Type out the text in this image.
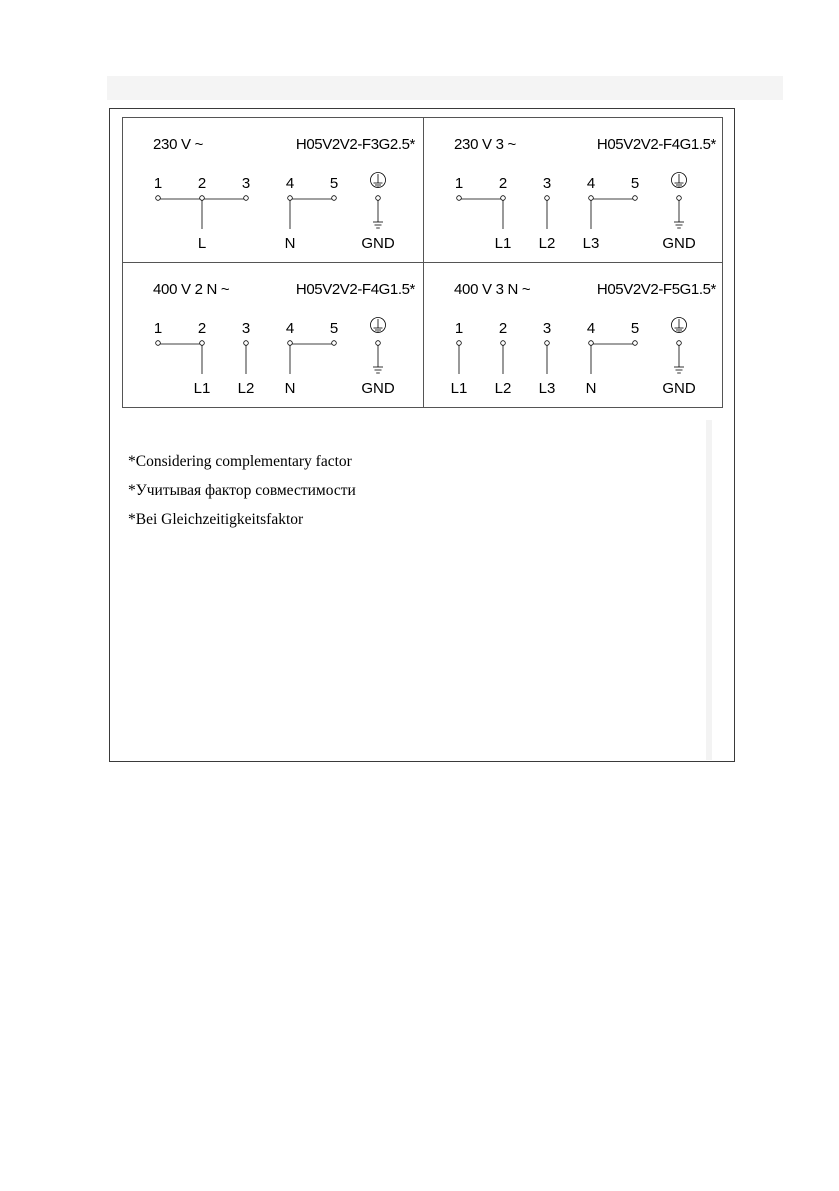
230 V ~	H05V2V2-F3G2.5*
1 2 3 4 5
L	N	GND
230 V 3 ~	H05V2V2-F4G1.5*
1 2 3 4 5
L1 L2 L3	GND
400 V 2 N ~	H05V2V2-F4G1.5*
1 2 3 4 5
L1 L2 N	GND
400 V 3 N ~	H05V2V2-F5G1.5*
1 2 3 4 5
L1 L2 L3 N	GND

*Considering complementary factor

*Учитывая фактор совместимости

*Bei Gleichzeitigkeitsfaktor
